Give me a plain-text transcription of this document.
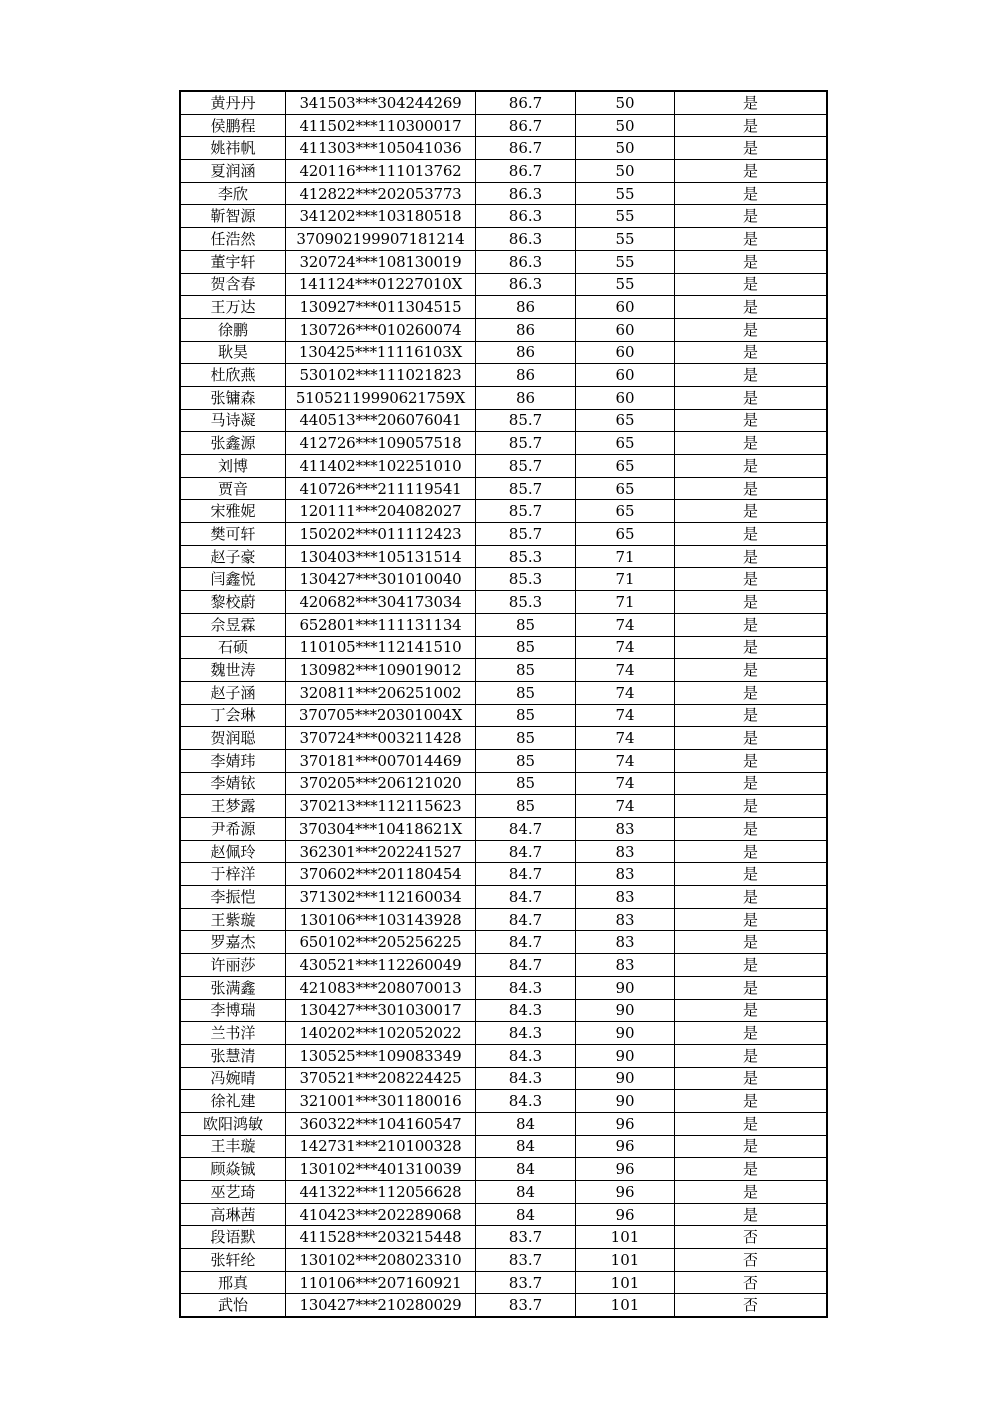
黄丹丹	341503***304244269	86.7	50	是
侯鹏程	411502***110300017	86.7	50	是
姚祎帆	411303***105041036	86.7	50	是
夏润涵	420116***111013762	86.7	50	是
李欣	412822***202053773	86.3	55	是
靳智源	341202***103180518	86.3	55	是
任浩然	370902199907181214	86.3	55	是
董宇轩	320724***108130019	86.3	55	是
贺含春	141124***01227010X	86.3	55	是
王万达	130927***011304515	86	60	是
徐鹏	130726***010260074	86	60	是
耿昊	130425***11116103X	86	60	是
杜欣燕	530102***111021823	86	60	是
张镛森	51052119990621759X	86	60	是
马诗凝	440513***206076041	85.7	65	是
张鑫源	412726***109057518	85.7	65	是
刘博	411402***102251010	85.7	65	是
贾音	410726***211119541	85.7	65	是
宋雅妮	120111***204082027	85.7	65	是
樊可轩	150202***011112423	85.7	65	是
赵子豪	130403***105131514	85.3	71	是
闫鑫悦	130427***301010040	85.3	71	是
黎校蔚	420682***304173034	85.3	71	是
佘昱霖	652801***111131134	85	74	是
石硕	110105***112141510	85	74	是
魏世涛	130982***109019012	85	74	是
赵子涵	320811***206251002	85	74	是
丁会琳	370705***20301004X	85	74	是
贺润聪	370724***003211428	85	74	是
李婧玮	370181***007014469	85	74	是
李婧铱	370205***206121020	85	74	是
王梦露	370213***112115623	85	74	是
尹希源	370304***10418621X	84.7	83	是
赵佩玲	362301***202241527	84.7	83	是
于梓洋	370602***201180454	84.7	83	是
李振恺	371302***112160034	84.7	83	是
王紫璇	130106***103143928	84.7	83	是
罗嘉杰	650102***205256225	84.7	83	是
许丽莎	430521***112260049	84.7	83	是
张满鑫	421083***208070013	84.3	90	是
李博瑞	130427***301030017	84.3	90	是
兰书洋	140202***102052022	84.3	90	是
张慧清	130525***109083349	84.3	90	是
冯婉晴	370521***208224425	84.3	90	是
徐礼建	321001***301180016	84.3	90	是
欧阳鸿敏	360322***104160547	84	96	是
王丰璇	142731***210100328	84	96	是
顾焱铖	130102***401310039	84	96	是
巫艺琦	441322***112056628	84	96	是
高琳茜	410423***202289068	84	96	是
段语默	411528***203215448	83.7	101	否
张轩纶	130102***208023310	83.7	101	否
邢真	110106***207160921	83.7	101	否
武怡	130427***210280029	83.7	101	否
